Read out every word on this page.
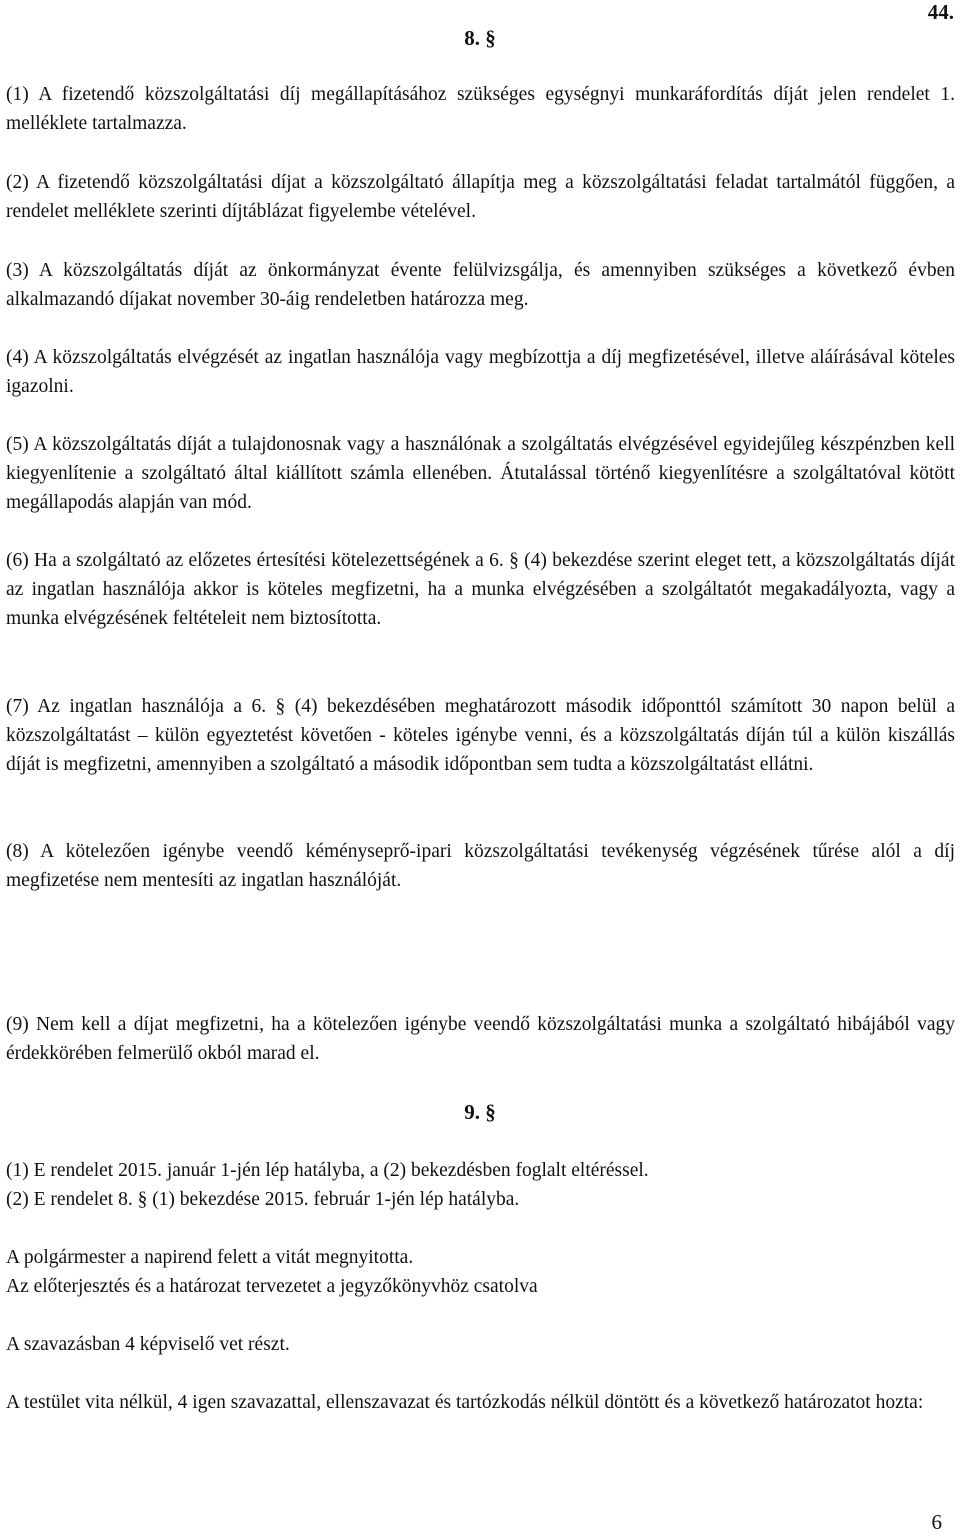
44.
8. §

(1) A fizetendő közszolgáltatási díj megállapításához szükséges egységnyi munkaráfordítás díját jelen rendelet 1. melléklete tartalmazza.

(2) A fizetendő közszolgáltatási díjat a közszolgáltató állapítja meg a közszolgáltatási feladat tartalmától függően, a rendelet melléklete szerinti díjtáblázat figyelembe vételével.

(3) A közszolgáltatás díját az önkormányzat évente felülvizsgálja, és amennyiben szükséges a következő évben alkalmazandó díjakat november 30-áig rendeletben határozza meg.

(4) A közszolgáltatás elvégzését az ingatlan használója vagy megbízottja a díj megfizetésével, illetve aláírásával köteles igazolni.

(5) A közszolgáltatás díját a tulajdonosnak vagy a használónak a szolgáltatás elvégzésével egyidejűleg készpénzben kell kiegyenlítenie a szolgáltató által kiállított számla ellenében. Átutalással történő kiegyenlítésre a szolgáltatóval kötött megállapodás alapján van mód.

(6) Ha a szolgáltató az előzetes értesítési kötelezettségének a 6. § (4) bekezdése szerint eleget tett, a közszolgáltatás díját az ingatlan használója akkor is köteles megfizetni, ha a munka elvégzésében a szolgáltatót megakadályozta, vagy a munka elvégzésének feltételeit nem biztosította.

(7) Az ingatlan használója a 6. § (4) bekezdésében meghatározott második időponttól számított 30 napon belül a közszolgáltatást – külön egyeztetést követően - köteles igénybe venni, és a közszolgáltatás díján túl a külön kiszállás díját is megfizetni, amennyiben a szolgáltató a második időpontban sem tudta a közszolgáltatást ellátni.

(8) A kötelezően igénybe veendő kéményseprő-ipari közszolgáltatási tevékenység végzésének tűrése alól a díj megfizetése nem mentesíti az ingatlan használóját.

(9) Nem kell a díjat megfizetni, ha a kötelezően igénybe veendő közszolgáltatási munka a szolgáltató hibájából vagy érdekkörében felmerülő okból marad el.

9. §

(1) E rendelet 2015. január 1-jén lép hatályba, a (2) bekezdésben foglalt eltéréssel.

(2) E rendelet 8. § (1) bekezdése 2015. február 1-jén lép hatályba.

A polgármester a napirend felett a vitát megnyitotta.

Az előterjesztés és a határozat tervezetet a jegyzőkönyvhöz csatolva

A szavazásban 4 képviselő vet részt.

A testület vita nélkül, 4 igen szavazattal, ellenszavazat és tartózkodás nélkül döntött és a következő határozatot hozta:

6
